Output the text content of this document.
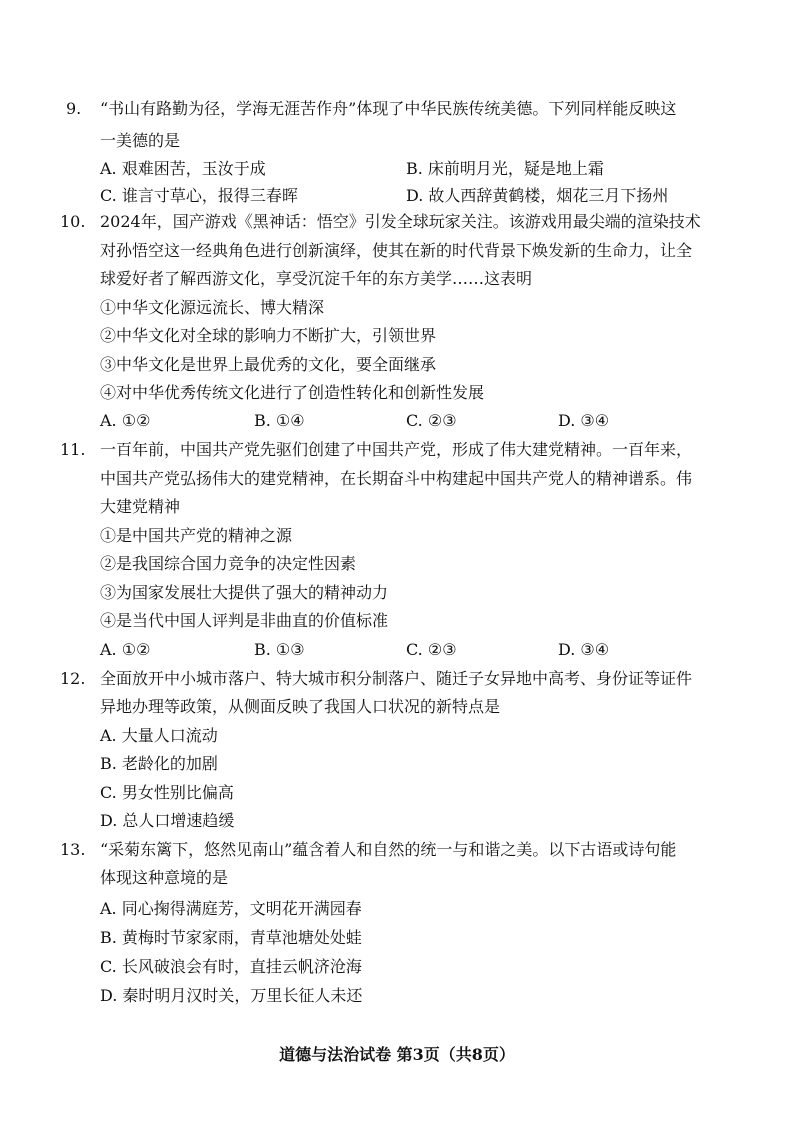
9. “书山有路勤为径，学海无涯苦作舟”体现了中华民族传统美德。下列同样能反映这
一美德的是
A. 艰难困苦，玉汝于成	B. 床前明月光，疑是地上霜
C. 谁言寸草心，报得三春晖	D. 故人西辞黄鹤楼，烟花三月下扬州
10. 2024年，国产游戏《黑神话：悟空》引发全球玩家关注。该游戏用最尖端的渲染技术
对孙悟空这一经典角色进行创新演绎，使其在新的时代背景下焕发新的生命力，让全
球爱好者了解西游文化，享受沉淀千年的东方美学……这表明
①中华文化源远流长、博大精深
②中华文化对全球的影响力不断扩大，引领世界
③中华文化是世界上最优秀的文化，要全面继承
④对中华优秀传统文化进行了创造性转化和创新性发展
A. ①②	B. ①④	C. ②③	D. ③④
11. 一百年前，中国共产党先驱们创建了中国共产党，形成了伟大建党精神。一百年来，
中国共产党弘扬伟大的建党精神，在长期奋斗中构建起中国共产党人的精神谱系。伟
大建党精神
①是中国共产党的精神之源
②是我国综合国力竞争的决定性因素
③为国家发展壮大提供了强大的精神动力
④是当代中国人评判是非曲直的价值标准
A. ①②	B. ①③	C. ②③	D. ③④
12. 全面放开中小城市落户、特大城市积分制落户、随迁子女异地中高考、身份证等证件
异地办理等政策，从侧面反映了我国人口状况的新特点是
A. 大量人口流动
B. 老龄化的加剧
C. 男女性别比偏高
D. 总人口增速趋缓
13. “采菊东篱下，悠然见南山”蕴含着人和自然的统一与和谐之美。以下古语或诗句能
体现这种意境的是
A. 同心掬得满庭芳，文明花开满园春
B. 黄梅时节家家雨，青草池塘处处蛙
C. 长风破浪会有时，直挂云帆济沧海
D. 秦时明月汉时关，万里长征人未还
道德与法治试卷 第3页（共8页）
